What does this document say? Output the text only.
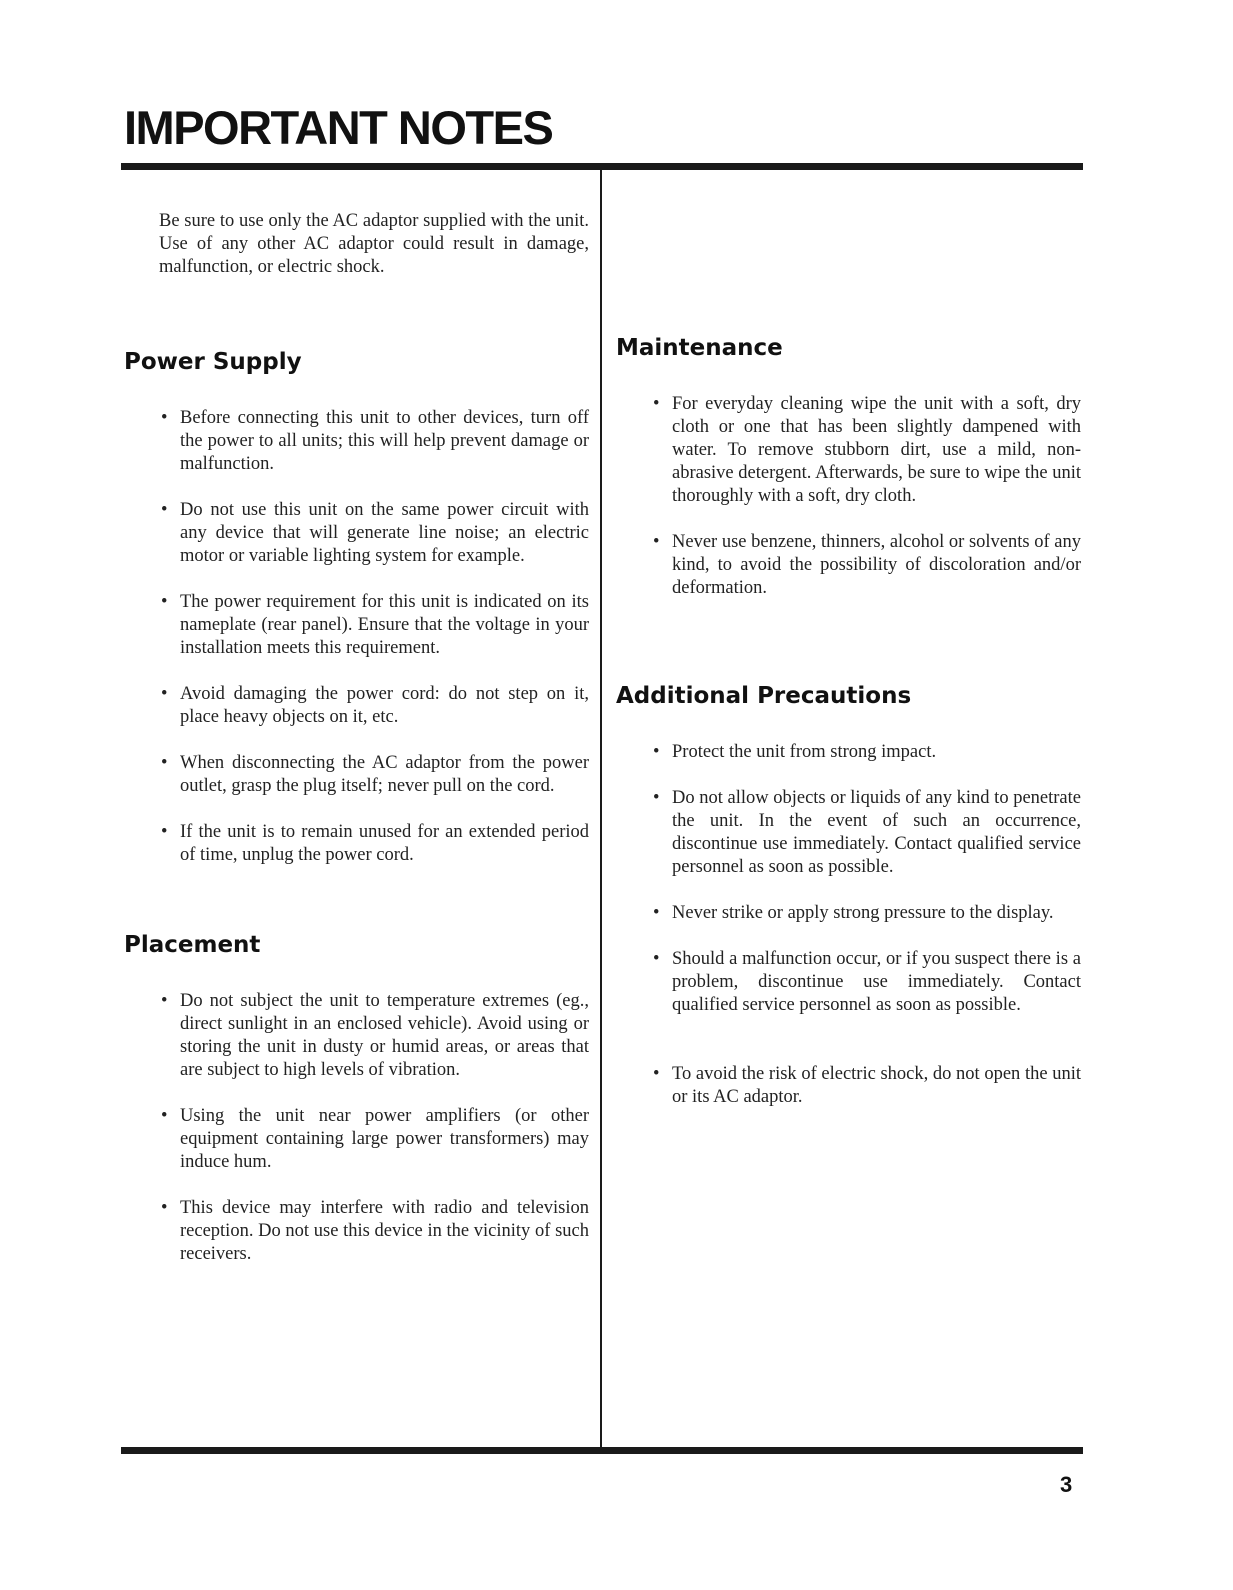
IMPORTANT NOTES

Be sure to use only the AC adaptor supplied with the unit. Use of any other AC adaptor could result in damage, malfunction, or electric shock.

Power Supply
• Before connecting this unit to other devices, turn off the power to all units; this will help prevent damage or malfunction.
• Do not use this unit on the same power circuit with any device that will generate line noise; an electric motor or variable lighting system for example.
• The power requirement for this unit is indicated on its nameplate (rear panel). Ensure that the voltage in your installation meets this requirement.
• Avoid damaging the power cord: do not step on it, place heavy objects on it, etc.
• When disconnecting the AC adaptor from the power outlet, grasp the plug itself; never pull on the cord.
• If the unit is to remain unused for an extended period of time, unplug the power cord.
Placement
• Do not subject the unit to temperature extremes (eg., direct sunlight in an enclosed vehicle). Avoid using or storing the unit in dusty or humid areas, or areas that are subject to high levels of vibration.
• Using the unit near power amplifiers (or other equipment containing large power transformers) may induce hum.
• This device may interfere with radio and television reception. Do not use this device in the vicinity of such receivers.
Maintenance
• For everyday cleaning wipe the unit with a soft, dry cloth or one that has been slightly dampened with water. To remove stubborn dirt, use a mild, non-abrasive detergent. Afterwards, be sure to wipe the unit thoroughly with a soft, dry cloth.
• Never use benzene, thinners, alcohol or solvents of any kind, to avoid the possibility of discoloration and/or deformation.
Additional Precautions
• Protect the unit from strong impact.
• Do not allow objects or liquids of any kind to penetrate the unit. In the event of such an occurrence, discontinue use immediately. Contact qualified service personnel as soon as possible.
• Never strike or apply strong pressure to the display.
• Should a malfunction occur, or if you suspect there is a problem, discontinue use immediately. Contact qualified service personnel as soon as possible.
• To avoid the risk of electric shock, do not open the unit or its AC adaptor.
3
